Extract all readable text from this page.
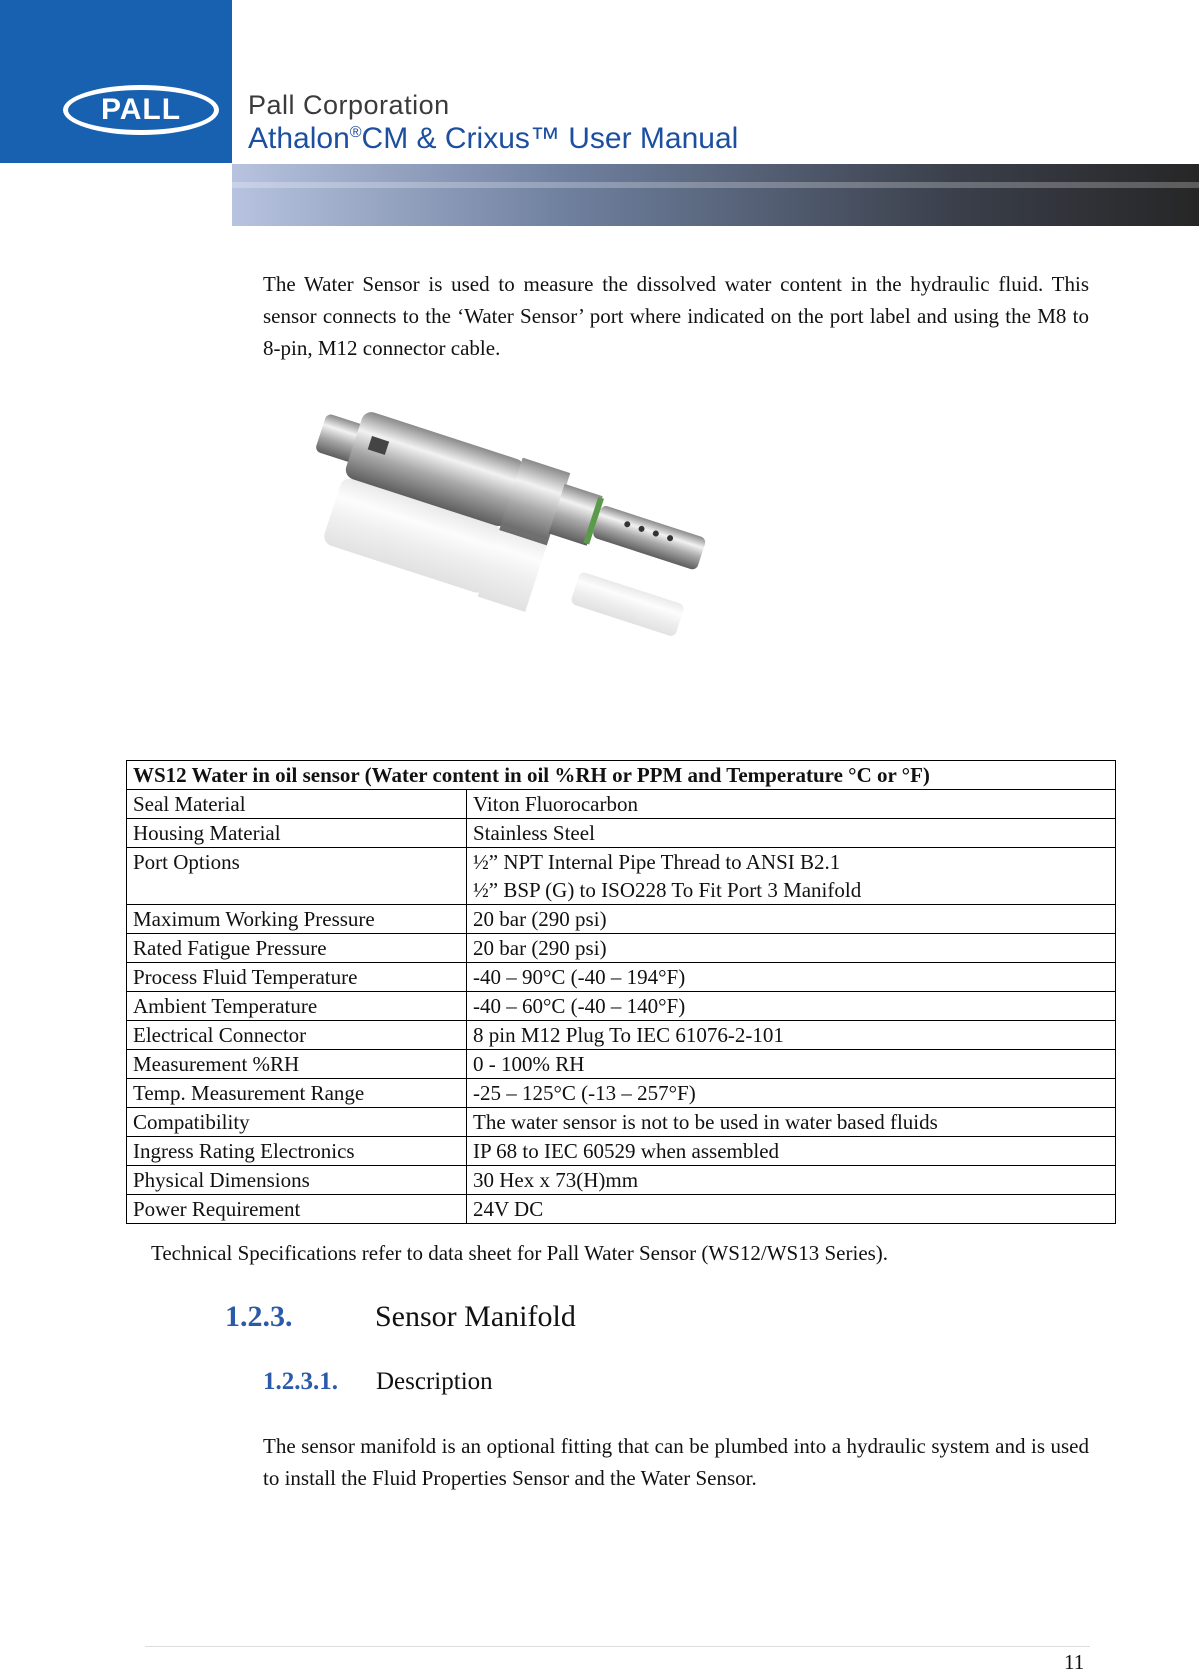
PALL Pall Corporation
Athalon®CM & Crixus™ User Manual
The Water Sensor is used to measure the dissolved water content in the hydraulic fluid. This sensor connects to the ‘Water Sensor’ port where indicated on the port label and using the M8 to 8-pin, M12 connector cable.
WS12 Water in oil sensor (Water content in oil %RH or PPM and Temperature °C or °F)	
Seal Material	Viton Fluorocarbon
Housing Material	Stainless Steel
Port Options	½” NPT Internal Pipe Thread to ANSI B2.1
½” BSP (G) to ISO228 To Fit Port 3 Manifold

Maximum Working Pressure	20 bar (290 psi)
Rated Fatigue Pressure	20 bar (290 psi)
Process Fluid Temperature	-40 – 90°C (-40 – 194°F)
Ambient Temperature	-40 – 60°C (-40 – 140°F)
Electrical Connector	8 pin M12 Plug To IEC 61076-2-101
Measurement %RH	0 - 100% RH
Temp. Measurement Range	-25 – 125°C (-13 – 257°F)
Compatibility	The water sensor is not to be used in water based fluids
Ingress Rating Electronics	IP 68 to IEC 60529 when assembled
Physical Dimensions	30 Hex x 73(H)mm
Power Requirement	24V DC
Technical Specifications refer to data sheet for Pall Water Sensor (WS12/WS13 Series).
1.2.3.	Sensor Manifold
1.2.3.1. Description
The sensor manifold is an optional fitting that can be plumbed into a hydraulic system and is used to install the Fluid Properties Sensor and the Water Sensor.
11
